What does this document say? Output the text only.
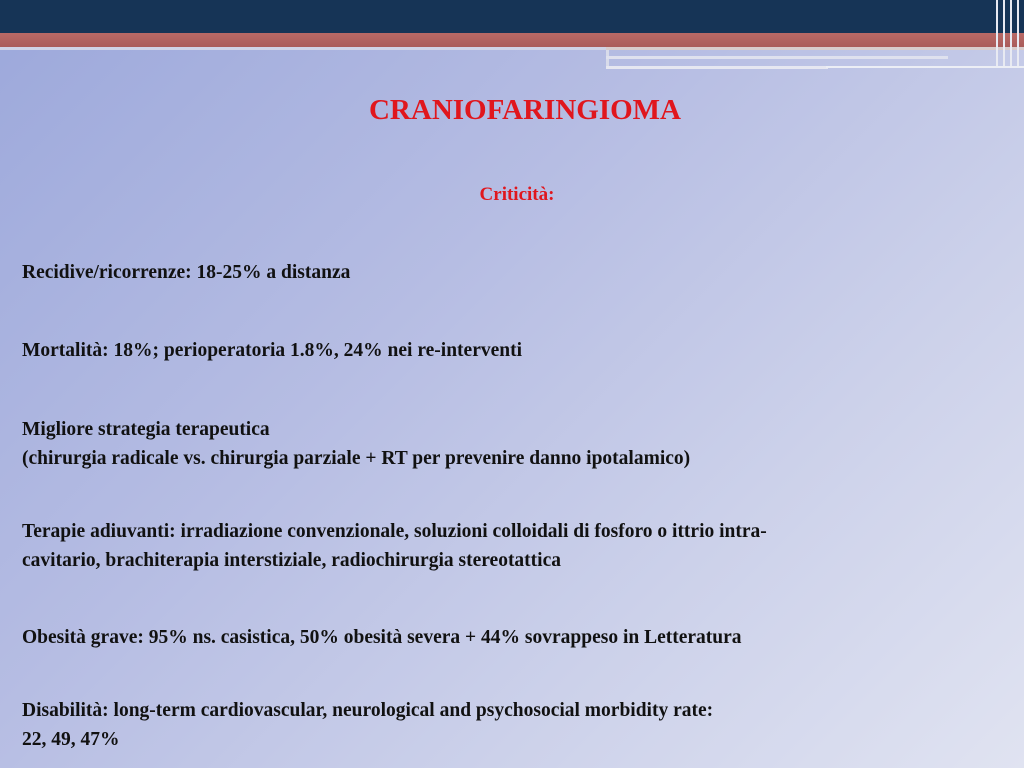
CRANIOFARINGIOMA
Criticità:
Recidive/ricorrenze: 18-25% a distanza
Mortalità: 18%; perioperatoria 1.8%, 24% nei re-interventi
Migliore strategia terapeutica
(chirurgia radicale vs. chirurgia parziale + RT per prevenire danno ipotalamico)
Terapie adiuvanti: irradiazione convenzionale, soluzioni colloidali di fosforo o ittrio intra-
cavitario, brachiterapia interstiziale, radiochirurgia stereotattica
Obesità grave: 95% ns. casistica, 50% obesità severa + 44% sovrappeso in Letteratura
Disabilità: long-term cardiovascular, neurological and psychosocial morbidity rate:
22, 49, 47%
